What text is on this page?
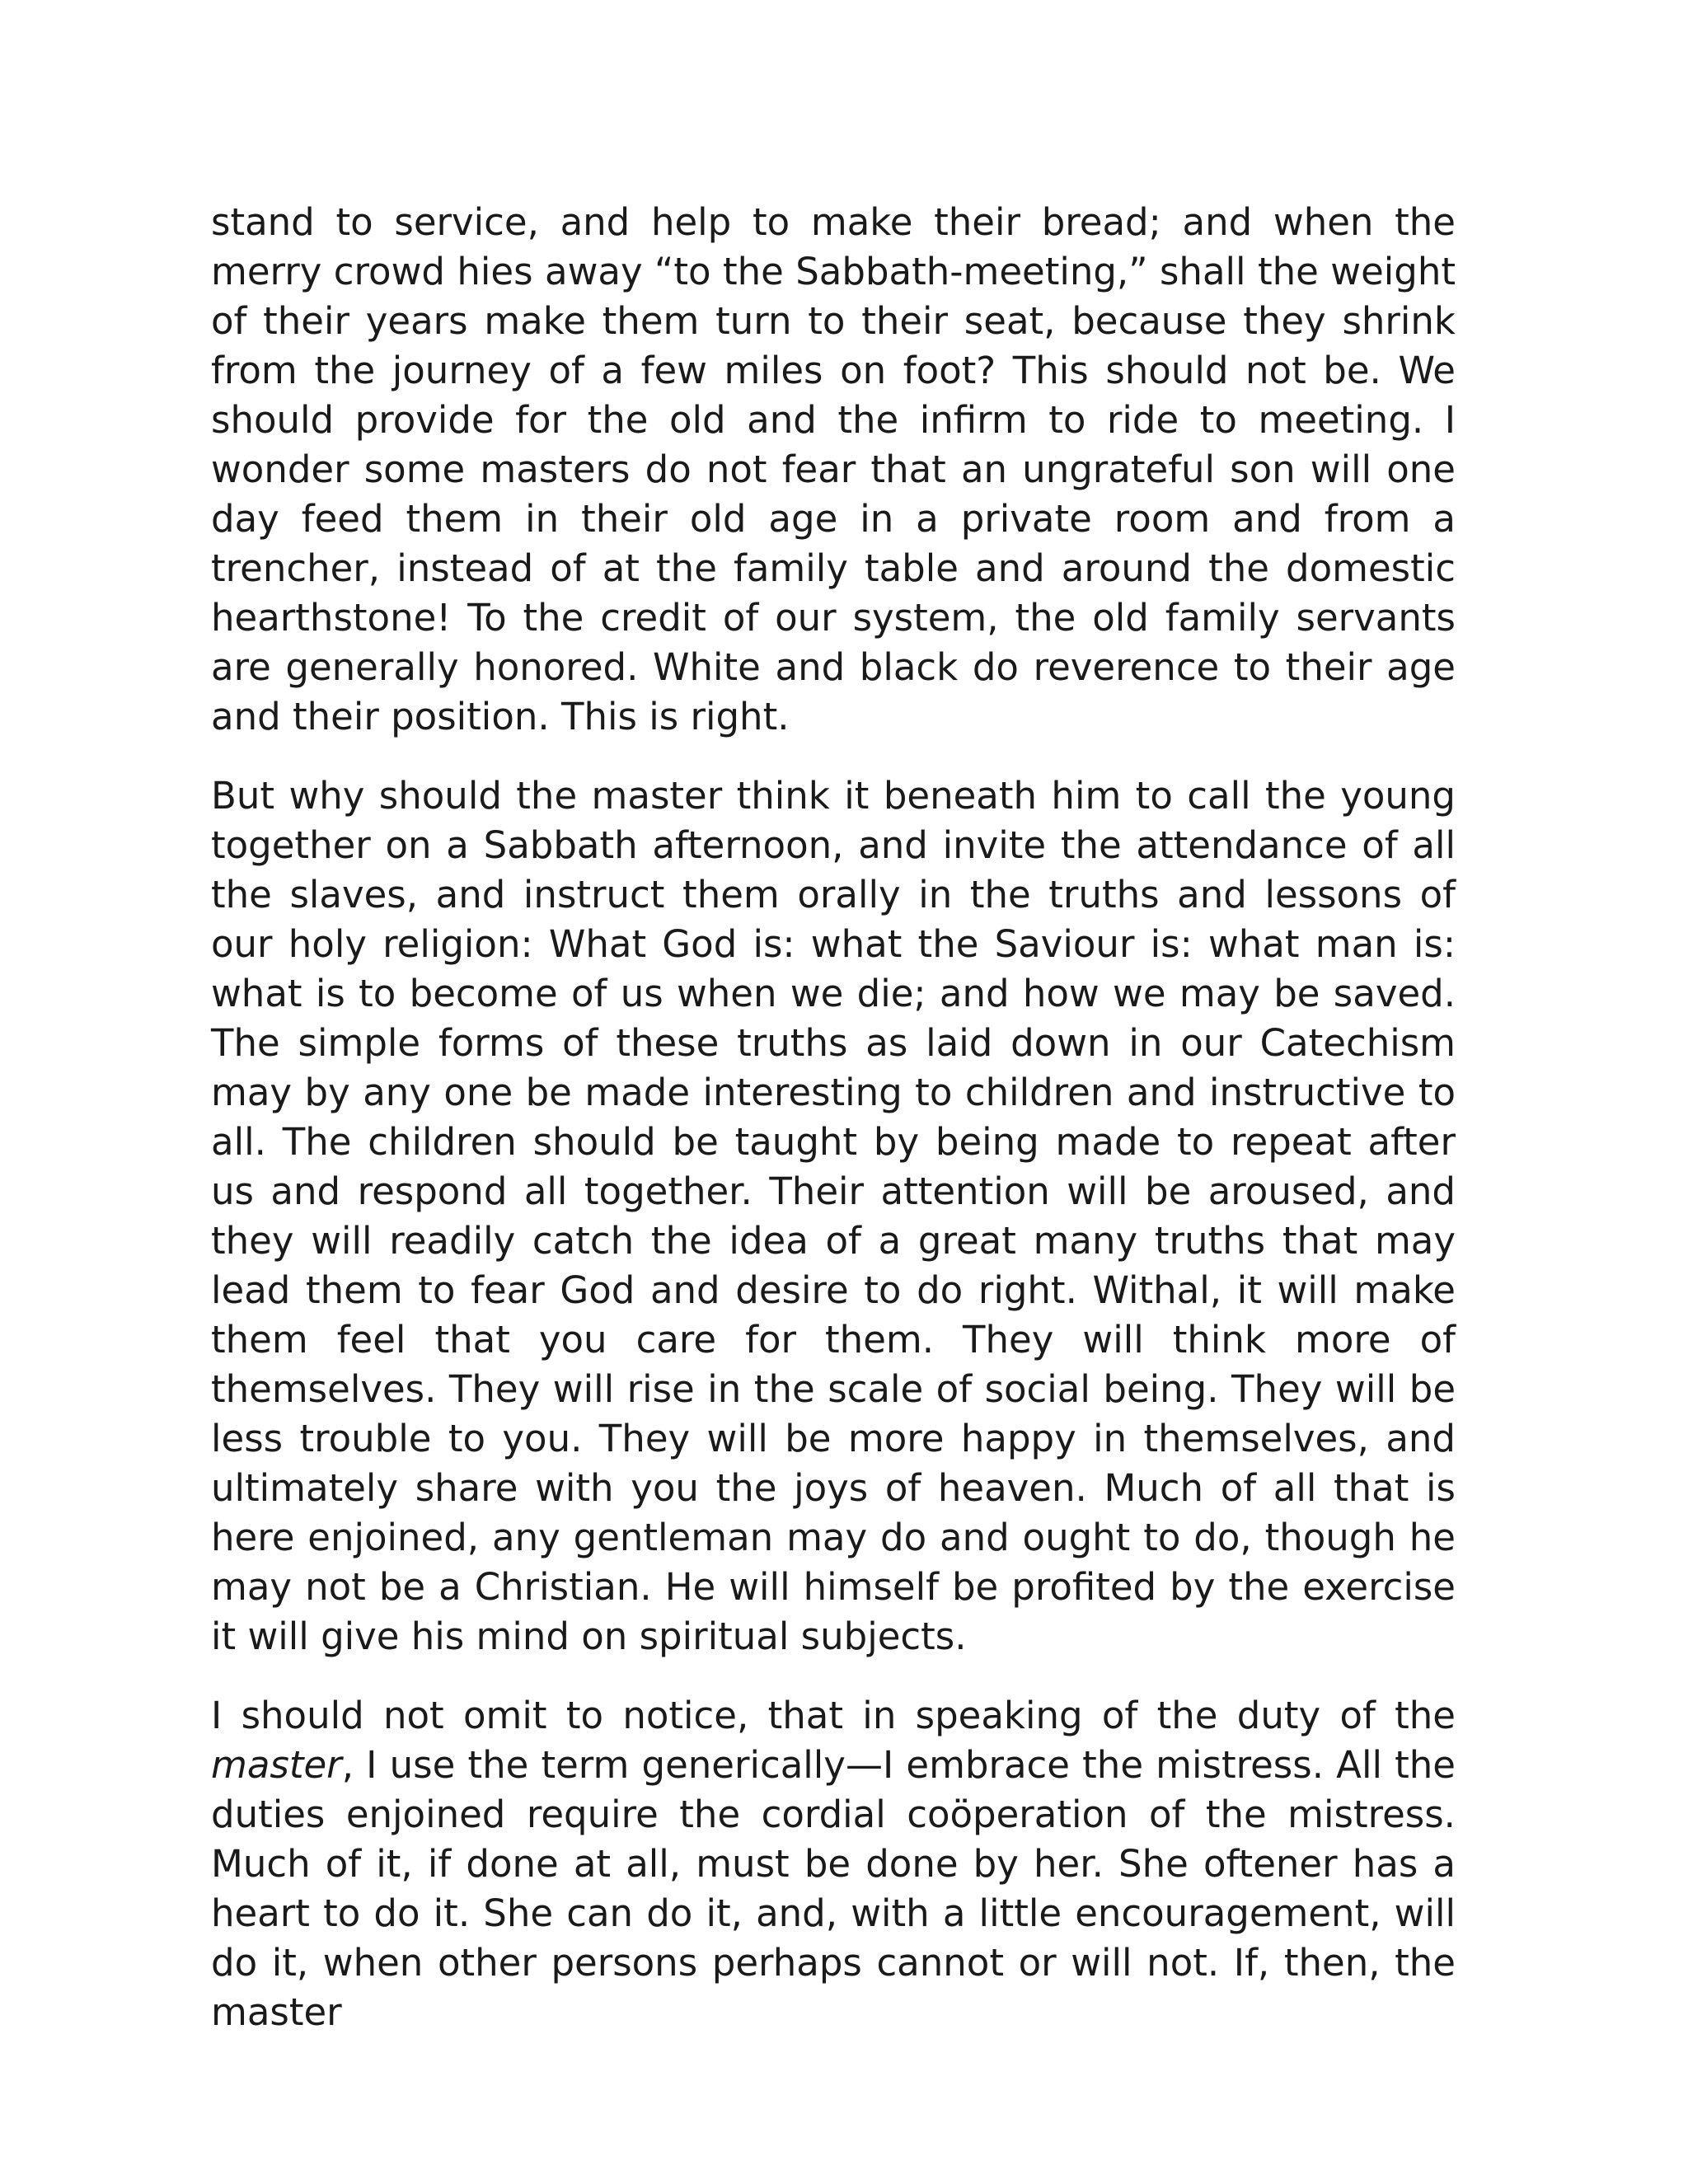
stand to service, and help to make their bread; and when the merry crowd hies away “to the Sabbath-meeting,” shall the weight of their years make them turn to their seat, because they shrink from the journey of a few miles on foot? This should not be. We should provide for the old and the infirm to ride to meeting. I wonder some masters do not fear that an ungrateful son will one day feed them in their old age in a private room and from a trencher, instead of at the family table and around the domestic hearthstone! To the credit of our system, the old family servants are generally honored. White and black do reverence to their age and their position. This is right.

But why should the master think it beneath him to call the young together on a Sabbath afternoon, and invite the attendance of all the slaves, and instruct them orally in the truths and lessons of our holy religion: What God is: what the Saviour is: what man is: what is to become of us when we die; and how we may be saved. The simple forms of these truths as laid down in our Catechism may by any one be made interesting to children and instructive to all. The children should be taught by being made to repeat after us and respond all together. Their attention will be aroused, and they will readily catch the idea of a great many truths that may lead them to fear God and desire to do right. Withal, it will make them feel that you care for them. They will think more of themselves. They will rise in the scale of social being. They will be less trouble to you. They will be more happy in themselves, and ultimately share with you the joys of heaven. Much of all that is here enjoined, any gentleman may do and ought to do, though he may not be a Christian. He will himself be profited by the exercise it will give his mind on spiritual subjects.

I should not omit to notice, that in speaking of the duty of the master, I use the term generically—I embrace the mistress. All the duties enjoined require the cordial coöperation of the mistress. Much of it, if done at all, must be done by her. She oftener has a heart to do it. She can do it, and, with a little encouragement, will do it, when other persons perhaps cannot or will not. If, then, the master
